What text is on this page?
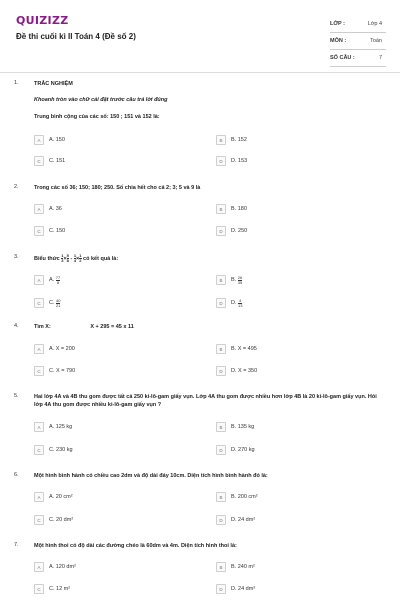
QUIZIZZ
Đề thi cuối kì II Toán 4 (Đề số 2)
LỚP :	Lớp 4
MÔN :	Toán
SỐ CÂU :	7
1.	TRẮC NGHIỆM
Khoanh tròn vào chữ cái đặt trước câu trả lời đúng
Trung bình cộng của các số: 150 ; 151 và 152 là:
A	A. 150	B	B. 152
C	C. 151	D	D. 153
2.	Trong các số 36; 150; 180; 250. Số chia hết cho cả 2; 3; 5 và 9 là
A	A. 36	B	B. 180
C	C. 150	D	D. 250
3.	Biểu thức $\frac{1}{3} \times \frac{5}{8} - \frac{1}{4} \times \frac{1}{2}$ có kết quả là:
A	A.
$\frac{77}{8}$	B	B.
$\frac{26}{35}$
C	C.
$\frac{40}{21}$	D	D.
$\frac{4}{13}$
4.	Tìm X:	X + 295 = 45 x 11
A	A. X = 200	B	B. X = 495
C	C. X = 790	D	D. X = 350
5.	Hai lớp 4A và 4B thu gom được tất cả 250 ki-lô-gam giấy vụn. Lớp 4A thu gom được nhiều hơn lớp 4B là 20 ki-lô-gam giấy vụn. Hỏi lớp 4A thu gom được nhiều ki-lô-gam giấy vụn ?
A	A. 125 kg	B	B. 135 kg
C	C. 230 kg	D	D. 270 kg
6.	Một hình bình hành có chiều cao 2dm và độ dài đáy 10cm. Diện tích hình bình hành đó là:
A	A. 20 cm²	B	B. 200 cm²
C	C. 20 dm²	D	D. 24 dm²
7.	Một hình thoi có độ dài các đường chéo là 60dm và 4m. Diện tích hình thoi là:
A	A. 120 dm²	B	B. 240 m²
C	C. 12 m²	D	D. 24 dm²
